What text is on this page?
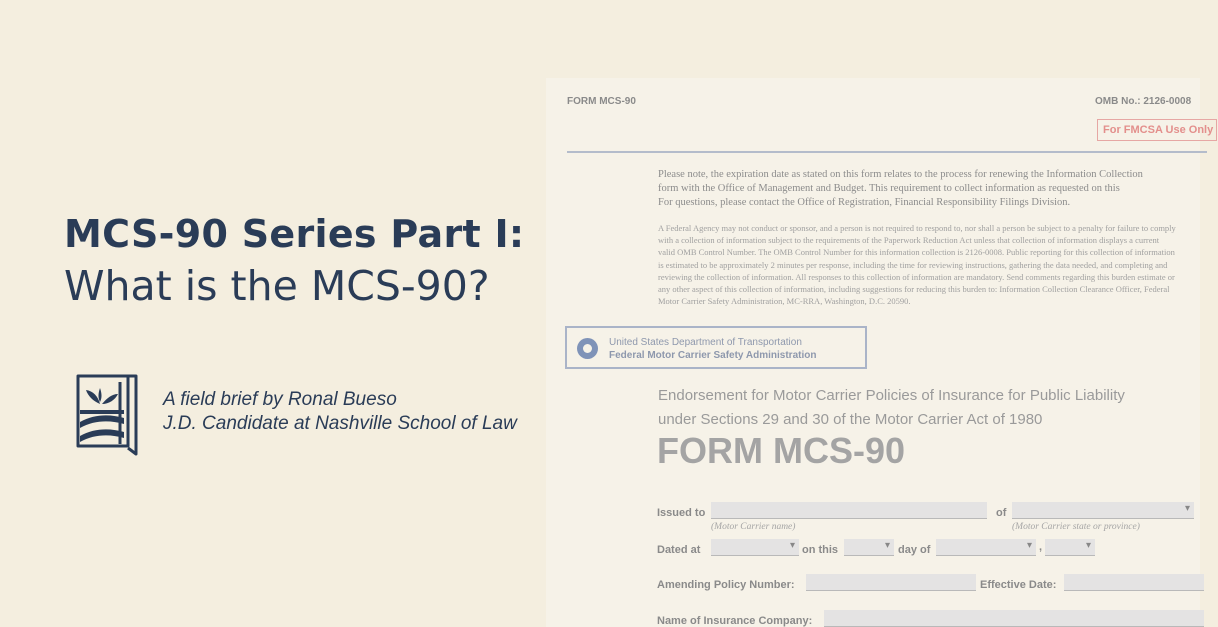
MCS-90 Series Part I:
What is the MCS-90?
A field brief by Ronal Bueso
J.D. Candidate at Nashville School of Law
FORM MCS-90	OMB No.: 2126-0008
For FMCSA Use Only
Please note, the expiration date as stated on this form relates to the process for renewing the Information Collection
form with the Office of Management and Budget. This requirement to collect information as requested on this
For questions, please contact the Office of Registration, Financial Responsibility Filings Division.
A Federal Agency may not conduct or sponsor, and a person is not required to respond to, nor shall a person be subject to a penalty for failure to comply
with a collection of information subject to the requirements of the Paperwork Reduction Act unless that collection of information displays a current
valid OMB Control Number. The OMB Control Number for this information collection is 2126-0008. Public reporting for this collection of information
is estimated to be approximately 2 minutes per response, including the time for reviewing instructions, gathering the data needed, and completing and
reviewing the collection of information. All responses to this collection of information are mandatory. Send comments regarding this burden estimate or
any other aspect of this collection of information, including suggestions for reducing this burden to: Information Collection Clearance Officer, Federal
Motor Carrier Safety Administration, MC-RRA, Washington, D.C. 20590.
United States Department of Transportation
Federal Motor Carrier Safety Administration
Endorsement for Motor Carrier Policies of Insurance for Public Liability
under Sections 29 and 30 of the Motor Carrier Act of 1980
FORM MCS-90
Issued to	of
▾
(Motor Carrier name)	(Motor Carrier state or province)
Dated at ▾	on this ▾	day of ▾	,
▾
Amending Policy Number:	Effective Date:
Name of Insurance Company:
